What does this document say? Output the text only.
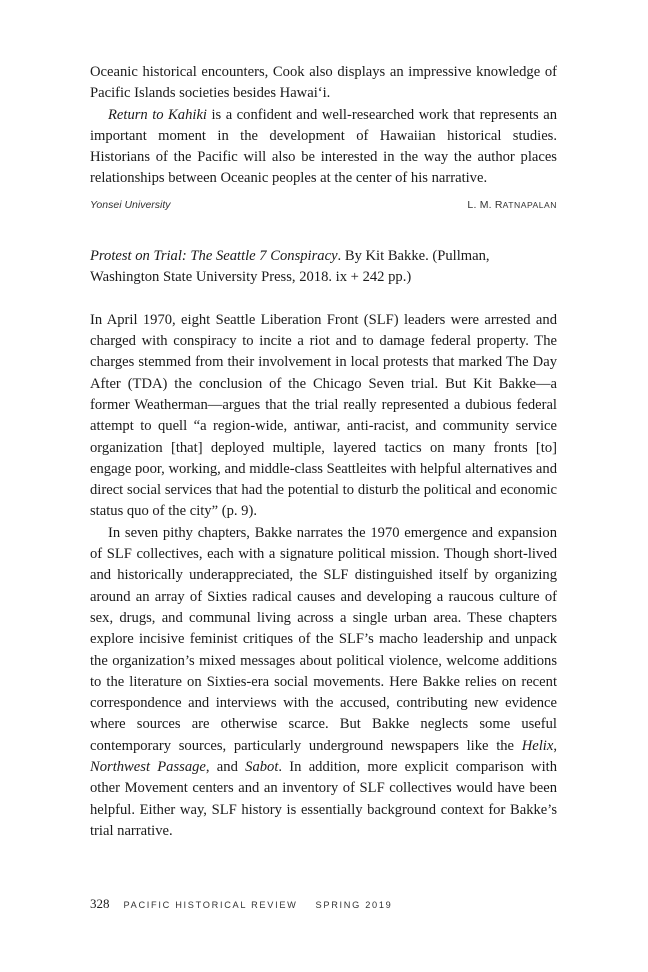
Oceanic historical encounters, Cook also displays an impressive knowledge of Pacific Islands societies besides Hawai‘i.

Return to Kahiki is a confident and well-researched work that represents an important moment in the development of Hawaiian historical studies. Historians of the Pacific will also be interested in the way the author places relationships between Oceanic peoples at the center of his narrative.

Yonsei University	L. M. RATNAPALAN

Protest on Trial: The Seattle 7 Conspiracy. By Kit Bakke. (Pullman, Washington State University Press, 2018. ix + 242 pp.)

In April 1970, eight Seattle Liberation Front (SLF) leaders were arrested and charged with conspiracy to incite a riot and to damage federal property. The charges stemmed from their involvement in local protests that marked The Day After (TDA) the conclusion of the Chicago Seven trial. But Kit Bakke—a former Weatherman—argues that the trial really represented a dubious federal attempt to quell “a region-wide, antiwar, anti-racist, and community service organization [that] deployed multiple, layered tactics on many fronts [to] engage poor, working, and middle-class Seattleites with helpful alternatives and direct social services that had the potential to disturb the political and economic status quo of the city” (p. 9).

In seven pithy chapters, Bakke narrates the 1970 emergence and expansion of SLF collectives, each with a signature political mission. Though short-lived and historically underappreciated, the SLF distinguished itself by organizing around an array of Sixties radical causes and developing a raucous culture of sex, drugs, and communal living across a single urban area. These chapters explore incisive feminist critiques of the SLF’s macho leadership and unpack the organization’s mixed messages about political violence, welcome additions to the literature on Sixties-era social movements. Here Bakke relies on recent correspondence and interviews with the accused, contributing new evidence where sources are otherwise scarce. But Bakke neglects some useful contemporary sources, particularly underground newspapers like the Helix, Northwest Passage, and Sabot. In addition, more explicit comparison with other Movement centers and an inventory of SLF collectives would have been helpful. Either way, SLF history is essentially background context for Bakke’s trial narrative.

328 PACIFIC HISTORICAL REVIEW SPRING 2019
